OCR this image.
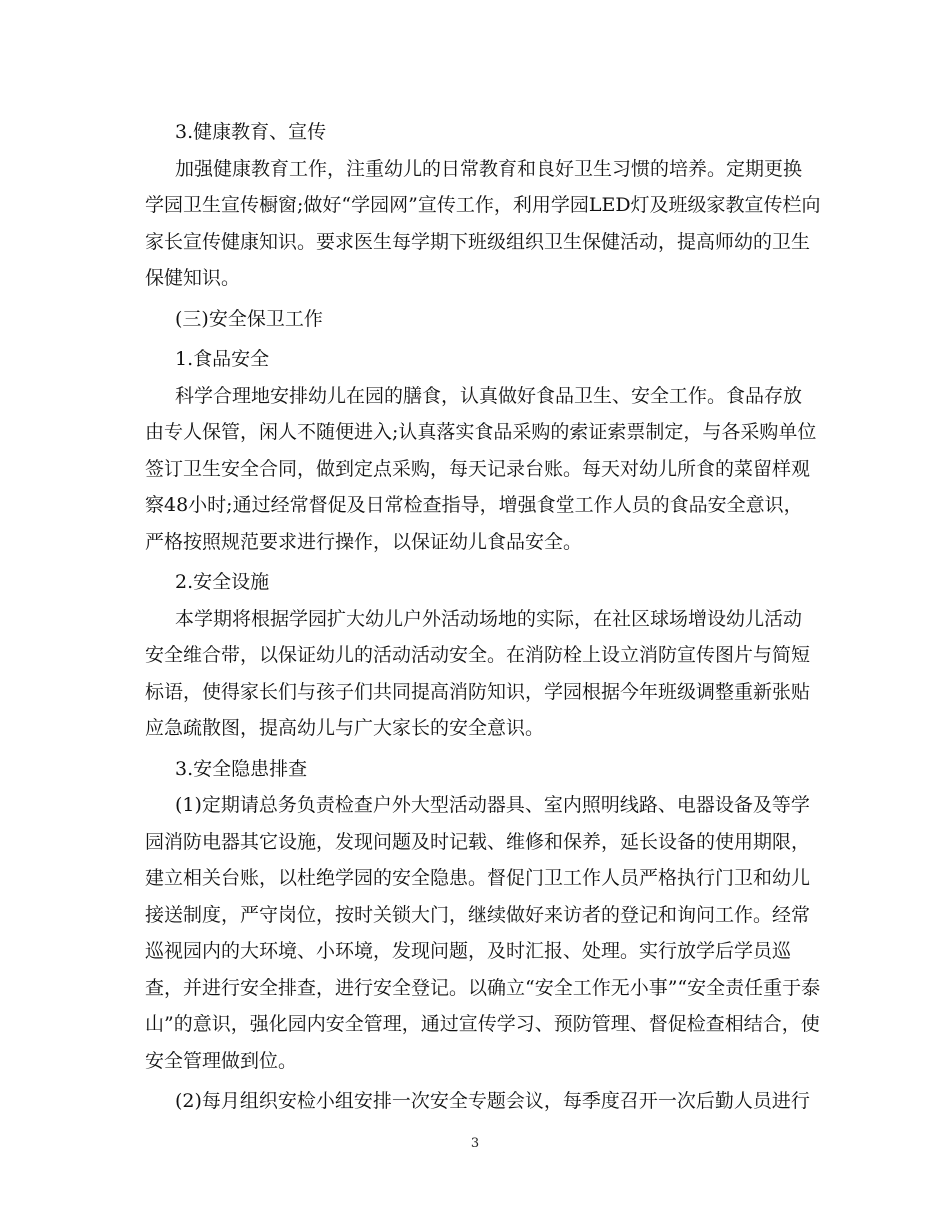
3.健康教育、宣传
加强健康教育工作，注重幼儿的日常教育和良好卫生习惯的培养。定期更换
学园卫生宣传橱窗;做好“学园网”宣传工作，利用学园LED灯及班级家教宣传栏向
家长宣传健康知识。要求医生每学期下班级组织卫生保健活动，提高师幼的卫生
保健知识。
(三)安全保卫工作
1.食品安全
科学合理地安排幼儿在园的膳食，认真做好食品卫生、安全工作。食品存放
由专人保管，闲人不随便进入;认真落实食品采购的索证索票制定，与各采购单位
签订卫生安全合同，做到定点采购，每天记录台账。每天对幼儿所食的菜留样观
察48小时;通过经常督促及日常检查指导，增强食堂工作人员的食品安全意识，
严格按照规范要求进行操作，以保证幼儿食品安全。
2.安全设施
本学期将根据学园扩大幼儿户外活动场地的实际，在社区球场增设幼儿活动
安全维合带，以保证幼儿的活动活动安全。在消防栓上设立消防宣传图片与简短
标语，使得家长们与孩子们共同提高消防知识，学园根据今年班级调整重新张贴
应急疏散图，提高幼儿与广大家长的安全意识。
3.安全隐患排查
(1)定期请总务负责检查户外大型活动器具、室内照明线路、电器设备及等学
园消防电器其它设施，发现问题及时记载、维修和保养，延长设备的使用期限，
建立相关台账，以杜绝学园的安全隐患。督促门卫工作人员严格执行门卫和幼儿
接送制度，严守岗位，按时关锁大门，继续做好来访者的登记和询问工作。经常
巡视园内的大环境、小环境，发现问题，及时汇报、处理。实行放学后学员巡
查，并进行安全排查，进行安全登记。以确立“安全工作无小事”“安全责任重于泰
山”的意识，强化园内安全管理，通过宣传学习、预防管理、督促检查相结合，使
安全管理做到位。
(2)每月组织安检小组安排一次安全专题会议，每季度召开一次后勤人员进行
3
